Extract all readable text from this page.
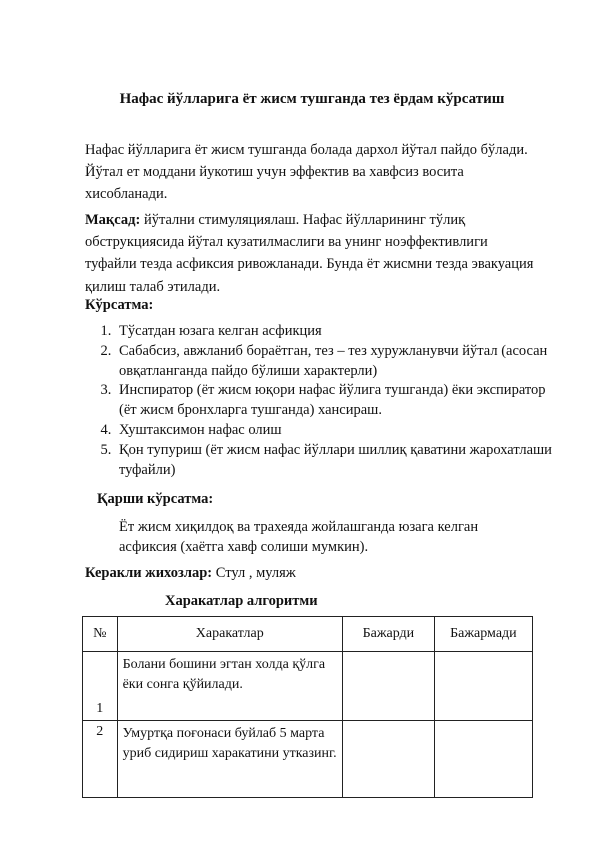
Нафас йўлларига ёт жисм тушганда тез ёрдам кўрсатиш
Нафас йўлларига ёт жисм тушганда болада дархол йўтал пайдо бўлади. Йўтал ет моддани йукотиш учун эффектив ва хавфсиз восита хисобланади.
Мақсад: йўтални стимуляциялаш. Нафас йўлларининг тўлиқ обструкциясида йўтал кузатилмаслиги ва унинг ноэффективлиги туфайли тезда асфиксия ривожланади. Бунда ёт жисмни тезда эвакуация қилиш талаб этилади.
Кўрсатма:
1. Тўсатдан юзага келган асфикция
2. Сабабсиз, авжланиб бораётган, тез – тез хуружланувчи йўтал (асосан овқатланганда пайдо бўлиши характерли)
3. Инспиратор (ёт жисм юқори нафас йўлига тушганда) ёки экспиратор (ёт жисм бронхларга тушганда) хансираш.
4. Хуштаксимон нафас олиш
5. Қон тупуриш (ёт жисм нафас йўллари шиллиқ қаватини жарохатлаши туфайли)
Қарши кўрсатма:
Ёт жисм хиқилдоқ ва трахеяда жойлашганда юзага келган асфиксия (хаётга хавф солиши мумкин).
Керакли жихозлар: Стул , муляж
Харакатлар алгоритми
№	Харакатлар	Бажарди	Бажармади
1	Болани бошини эгтан холда қўлга ёки сонга қўйилади.		
2	Умуртқа поғонаси буйлаб 5 марта уриб сидириш харакатини утказинг.		
